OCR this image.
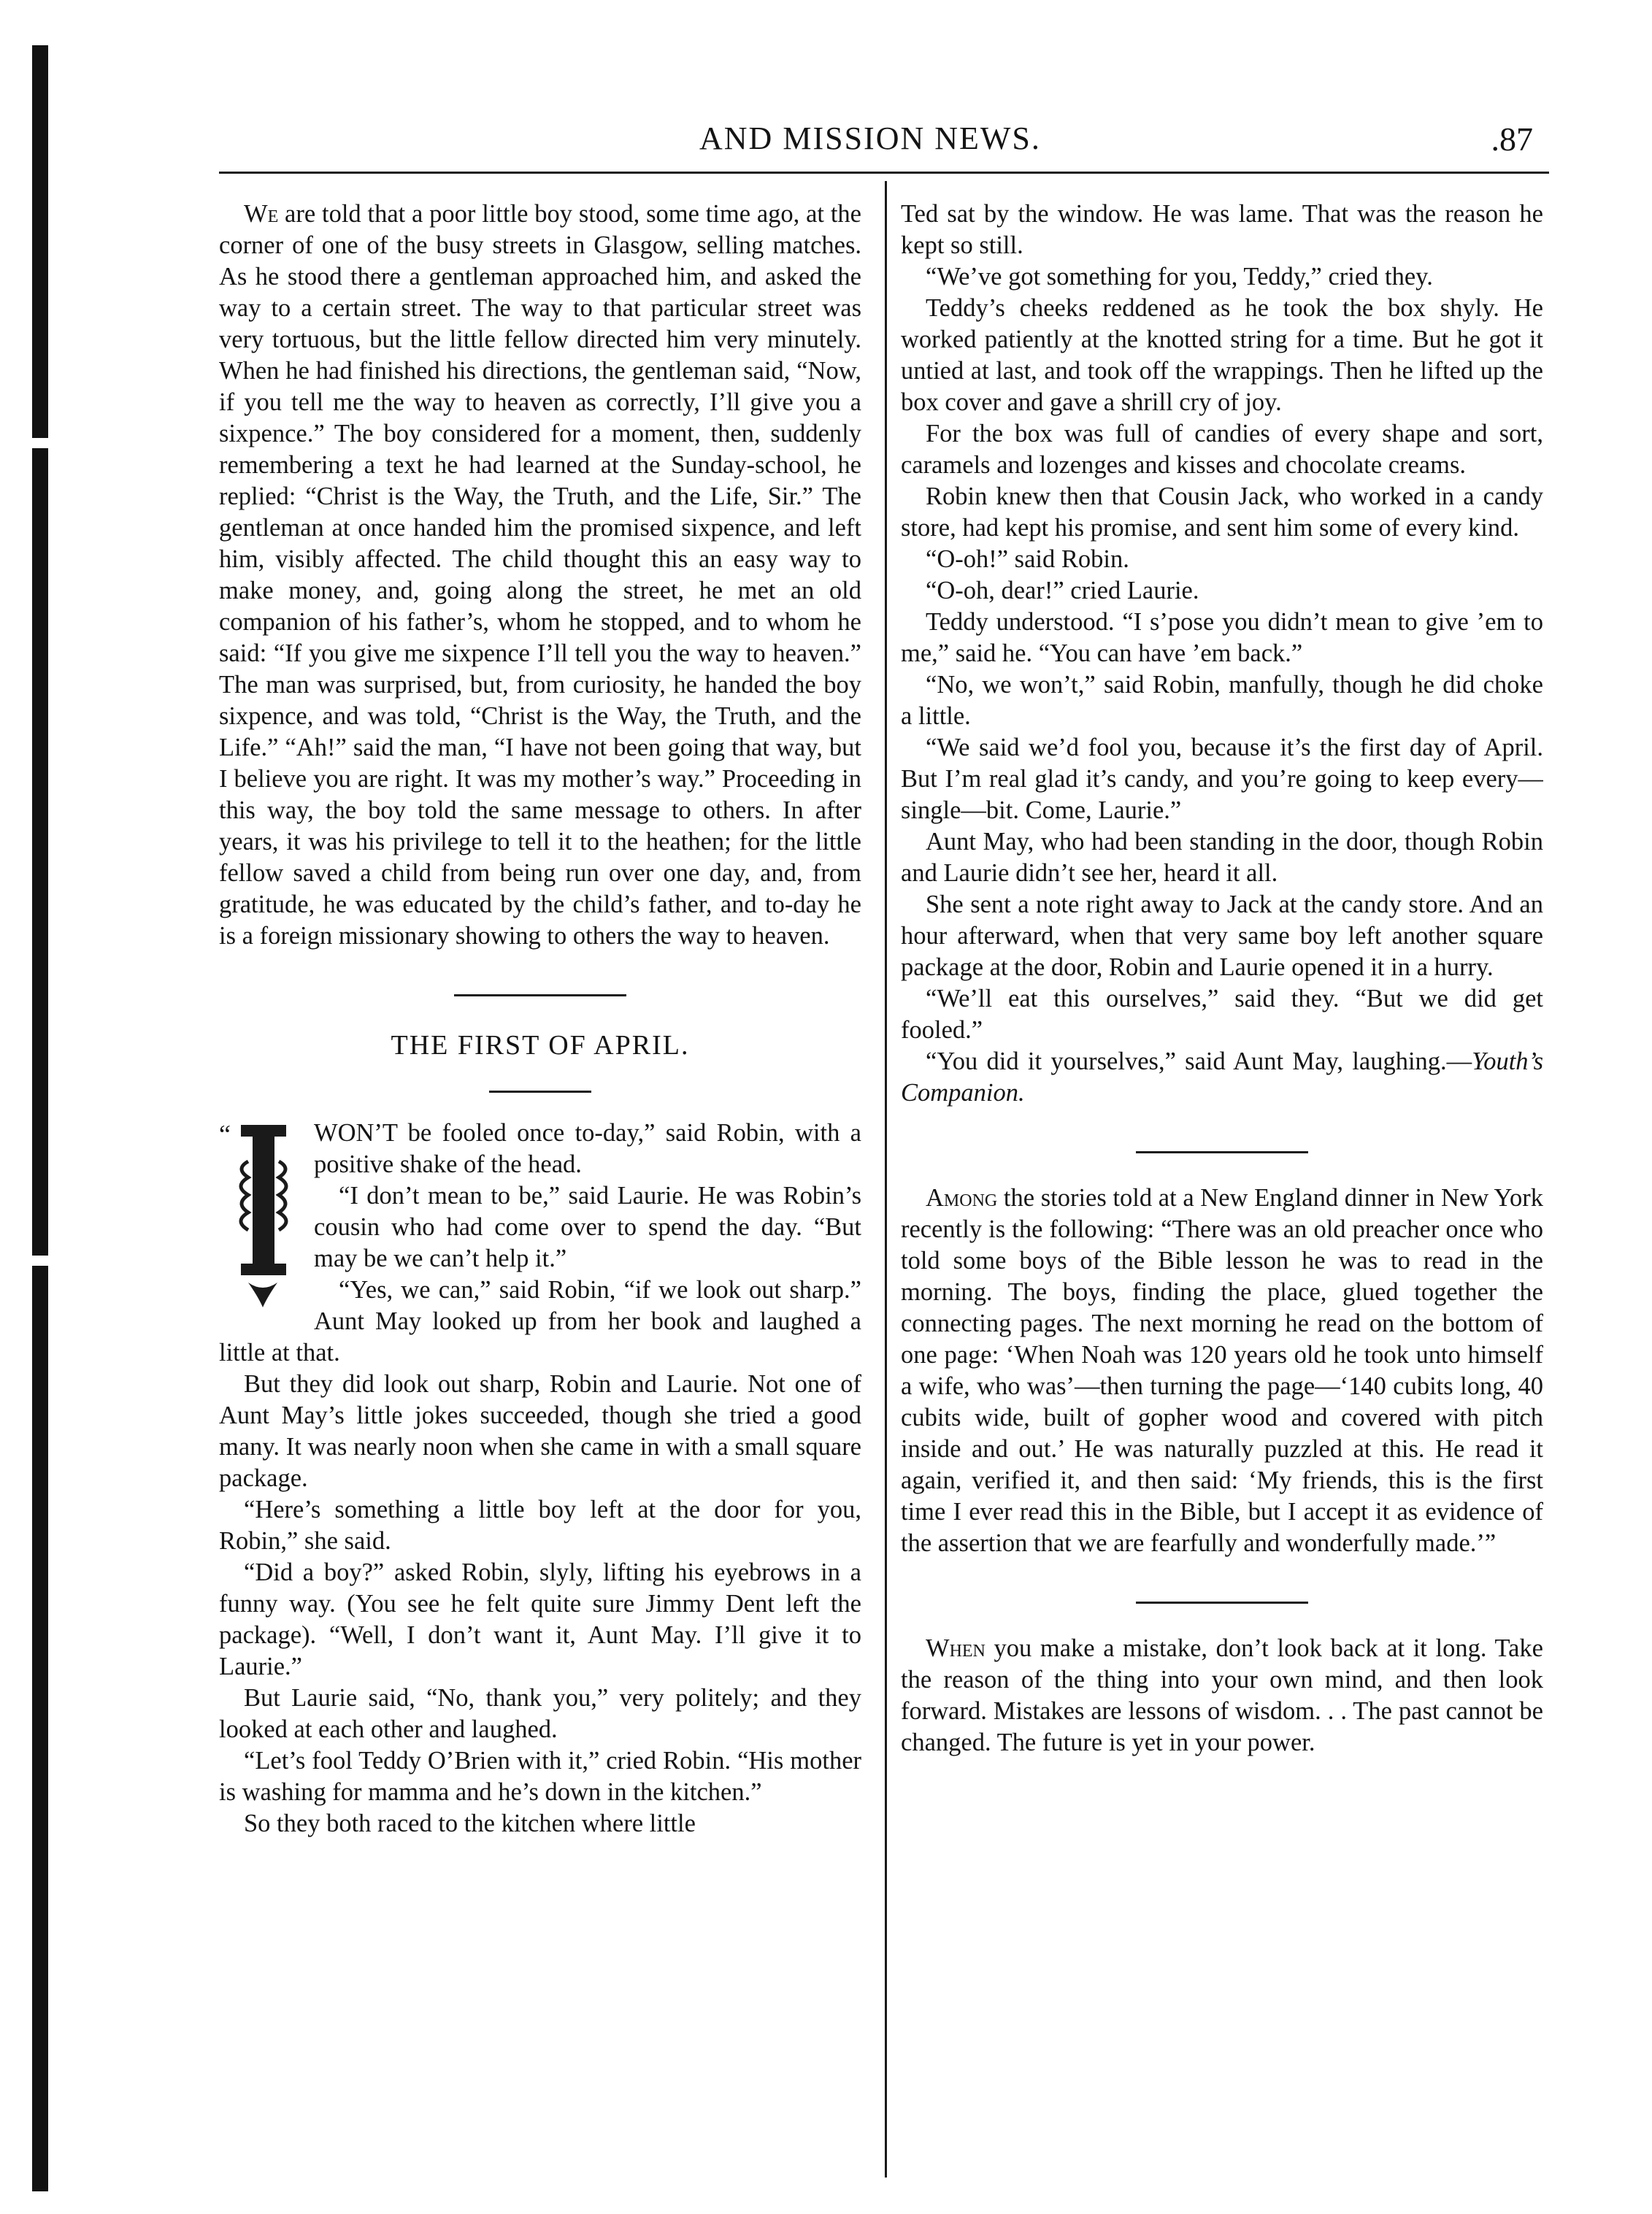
AND MISSION NEWS.	.87

We are told that a poor little boy stood, some time ago, at the corner of one of the busy streets in Glasgow, selling matches. As he stood there a gentleman approached him, and asked the way to a certain street. The way to that particular street was very tortuous, but the little fellow directed him very minutely. When he had finished his directions, the gentleman said, “Now, if you tell me the way to heaven as correctly, I’ll give you a sixpence.” The boy considered for a moment, then, suddenly remembering a text he had learned at the Sunday-school, he replied: “Christ is the Way, the Truth, and the Life, Sir.” The gentleman at once handed him the promised sixpence, and left him, visibly affected. The child thought this an easy way to make money, and, going along the street, he met an old companion of his father’s, whom he stopped, and to whom he said: “If you give me sixpence I’ll tell you the way to heaven.” The man was surprised, but, from curiosity, he handed the boy sixpence, and was told, “Christ is the Way, the Truth, and the Life.” “Ah!” said the man, “I have not been going that way, but I believe you are right. It was my mother’s way.” Proceeding in this way, the boy told the same message to others. In after years, it was his privilege to tell it to the heathen; for the little fellow saved a child from being run over one day, and, from gratitude, he was educated by the child’s father, and to-day he is a foreign missionary showing to others the way to heaven.

THE FIRST OF APRIL.
“	WON’T be fooled once to-day,” said Robin, with a positive shake of the head.

“I don’t mean to be,” said Laurie. He was Robin’s cousin who had come over to spend the day. “But may be we can’t help it.”

“Yes, we can,” said Robin, “if we look out sharp.” Aunt May looked up from her book and laughed a little at that.

But they did look out sharp, Robin and Laurie. Not one of Aunt May’s little jokes succeeded, though she tried a good many. It was nearly noon when she came in with a small square package.

“Here’s something a little boy left at the door for you, Robin,” she said.

“Did a boy?” asked Robin, slyly, lifting his eyebrows in a funny way. (You see he felt quite sure Jimmy Dent left the package). “Well, I don’t want it, Aunt May. I’ll give it to Laurie.”

But Laurie said, “No, thank you,” very politely; and they looked at each other and laughed.

“Let’s fool Teddy O’Brien with it,” cried Robin. “His mother is washing for mamma and he’s down in the kitchen.”

So they both raced to the kitchen where little

Ted sat by the window. He was lame. That was the reason he kept so still.

“We’ve got something for you, Teddy,” cried they.

Teddy’s cheeks reddened as he took the box shyly. He worked patiently at the knotted string for a time. But he got it untied at last, and took off the wrappings. Then he lifted up the box cover and gave a shrill cry of joy.

For the box was full of candies of every shape and sort, caramels and lozenges and kisses and chocolate creams.

Robin knew then that Cousin Jack, who worked in a candy store, had kept his promise, and sent him some of every kind.

“O-oh!” said Robin.

“O-oh, dear!” cried Laurie.

Teddy understood. “I s’pose you didn’t mean to give ’em to me,” said he. “You can have ’em back.”

“No, we won’t,” said Robin, manfully, though he did choke a little.

“We said we’d fool you, because it’s the first day of April. But I’m real glad it’s candy, and you’re going to keep every—single—bit. Come, Laurie.”

Aunt May, who had been standing in the door, though Robin and Laurie didn’t see her, heard it all.

She sent a note right away to Jack at the candy store. And an hour afterward, when that very same boy left another square package at the door, Robin and Laurie opened it in a hurry.

“We’ll eat this ourselves,” said they. “But we did get fooled.”

“You did it yourselves,” said Aunt May, laughing.—Youth’s Companion.

Among the stories told at a New England dinner in New York recently is the following: “There was an old preacher once who told some boys of the Bible lesson he was to read in the morning. The boys, finding the place, glued together the connecting pages. The next morning he read on the bottom of one page: ‘When Noah was 120 years old he took unto himself a wife, who was’—then turning the page—‘140 cubits long, 40 cubits wide, built of gopher wood and covered with pitch inside and out.’ He was naturally puzzled at this. He read it again, verified it, and then said: ‘My friends, this is the first time I ever read this in the Bible, but I accept it as evidence of the assertion that we are fearfully and wonderfully made.’”

When you make a mistake, don’t look back at it long. Take the reason of the thing into your own mind, and then look forward. Mistakes are lessons of wisdom. . . The past cannot be changed. The future is yet in your power.
